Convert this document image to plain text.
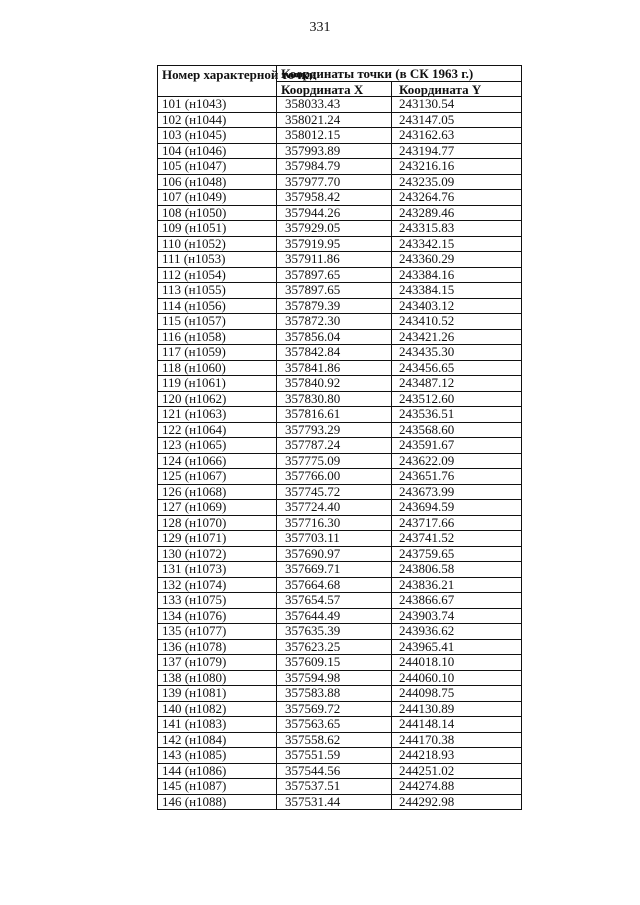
331
Номер характерной точки	Координаты точки (в СК 1963 г.)	
	Координата X	Координата Y
101 (н1043)	358033.43	243130.54
102 (н1044)	358021.24	243147.05
103 (н1045)	358012.15	243162.63
104 (н1046)	357993.89	243194.77
105 (н1047)	357984.79	243216.16
106 (н1048)	357977.70	243235.09
107 (н1049)	357958.42	243264.76
108 (н1050)	357944.26	243289.46
109 (н1051)	357929.05	243315.83
110 (н1052)	357919.95	243342.15
111 (н1053)	357911.86	243360.29
112 (н1054)	357897.65	243384.16
113 (н1055)	357897.65	243384.15
114 (н1056)	357879.39	243403.12
115 (н1057)	357872.30	243410.52
116 (н1058)	357856.04	243421.26
117 (н1059)	357842.84	243435.30
118 (н1060)	357841.86	243456.65
119 (н1061)	357840.92	243487.12
120 (н1062)	357830.80	243512.60
121 (н1063)	357816.61	243536.51
122 (н1064)	357793.29	243568.60
123 (н1065)	357787.24	243591.67
124 (н1066)	357775.09	243622.09
125 (н1067)	357766.00	243651.76
126 (н1068)	357745.72	243673.99
127 (н1069)	357724.40	243694.59
128 (н1070)	357716.30	243717.66
129 (н1071)	357703.11	243741.52
130 (н1072)	357690.97	243759.65
131 (н1073)	357669.71	243806.58
132 (н1074)	357664.68	243836.21
133 (н1075)	357654.57	243866.67
134 (н1076)	357644.49	243903.74
135 (н1077)	357635.39	243936.62
136 (н1078)	357623.25	243965.41
137 (н1079)	357609.15	244018.10
138 (н1080)	357594.98	244060.10
139 (н1081)	357583.88	244098.75
140 (н1082)	357569.72	244130.89
141 (н1083)	357563.65	244148.14
142 (н1084)	357558.62	244170.38
143 (н1085)	357551.59	244218.93
144 (н1086)	357544.56	244251.02
145 (н1087)	357537.51	244274.88
146 (н1088)	357531.44	244292.98
